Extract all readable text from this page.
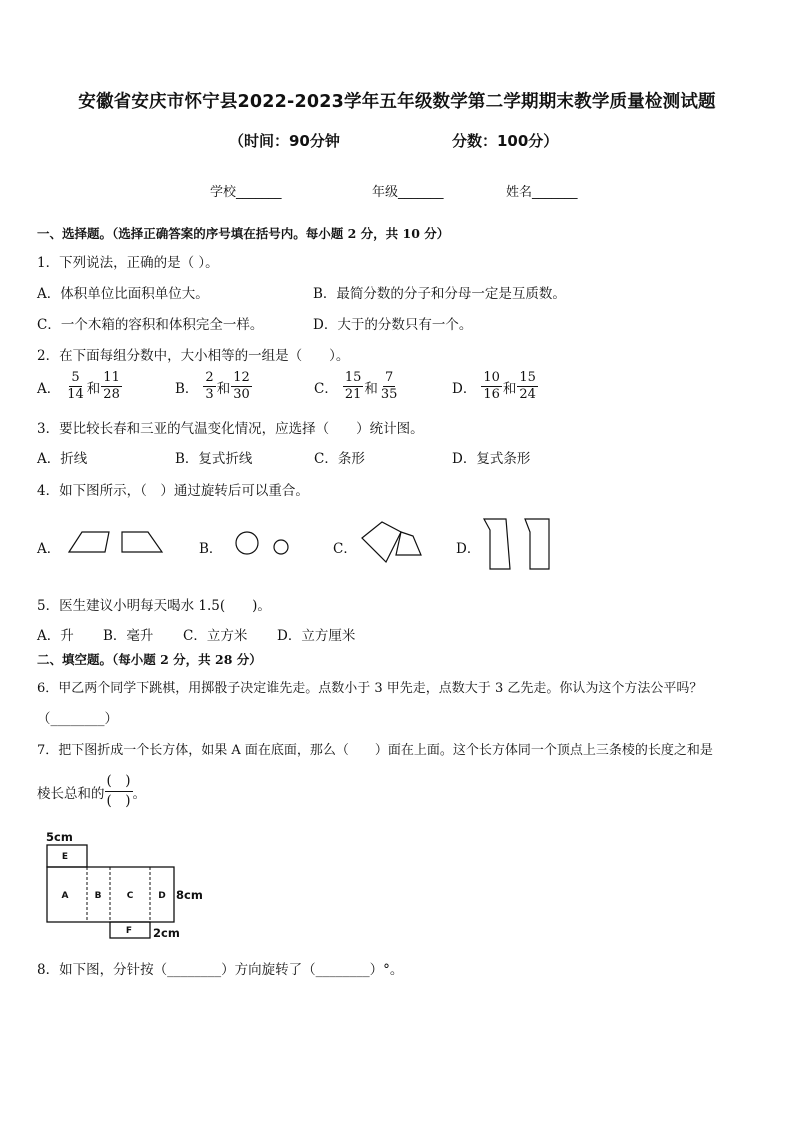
安徽省安庆市怀宁县2022-2023学年五年级数学第二学期期末教学质量检测试题
（时间：90分钟	分数：100分）
学校_______	年级_______	姓名_______
一、选择题。（选择正确答案的序号填在括号内。每小题 2 分，共 10 分）
1．下列说法，正确的是（ ）。
A．体积单位比面积单位大。	B．最简分数的分子和分母一定是互质数。
C．一个木箱的容积和体积完全一样。	D．大于的分数只有一个。
2．在下面每组分数中，大小相等的一组是（　　）。
A． $\frac{5}{14}$ 和 $\frac{11}{28}$	B． $\frac{2}{3}$ 和 $\frac{12}{30}$	C． $\frac{15}{21}$ 和 $\frac{7}{35}$	D． $\frac{10}{16}$ 和 $\frac{15}{24}$
3．要比较长春和三亚的气温变化情况，应选择（　　）统计图。
A．折线	B．复式折线	C．条形	D．复式条形
4．如下图所示，（　）通过旋转后可以重合。
A．	B．	C．	D．
5．医生建议小明每天喝水 1.5(　　)。
A．升 B．毫升 C．立方米 D．立方厘米
二、填空题。（每小题 2 分，共 28 分）
6．甲乙两个同学下跳棋，用掷骰子决定谁先走。点数小于 3 甲先走，点数大于 3 乙先走。你认为这个方法公平吗？
（________）
7．把下图折成一个长方体，如果 A 面在底面，那么（　　）面在上面。这个长方体同一个顶点上三条棱的长度之和是
棱长总和的
(　)
(　) 。
E
A	B	C	D
F
5cm
8cm
2cm
8．如下图，分针按（________）方向旋转了（________）°。
